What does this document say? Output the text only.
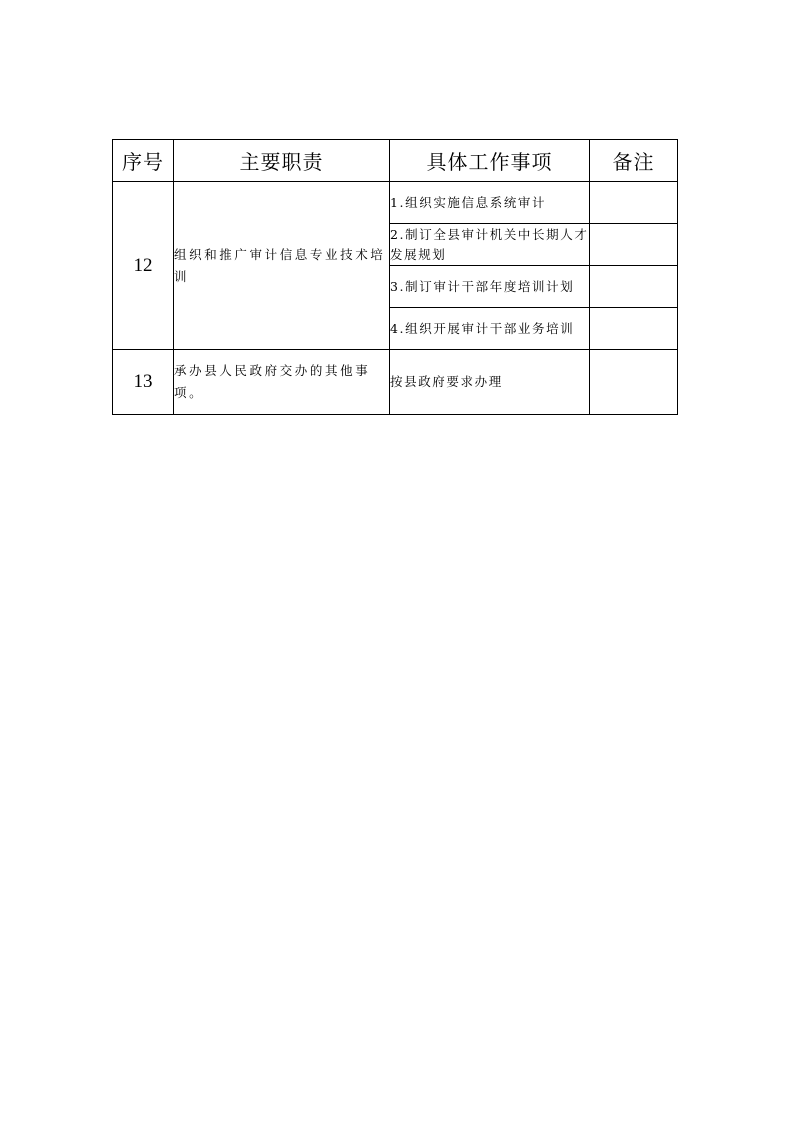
序号	主要职责	具体工作事项	备注
12	组织和推广审计信息专业技术培训	1.组织实施信息系统审计	
		2.制订全县审计机关中长期人才发展规划	
		3.制订审计干部年度培训计划	
		4.组织开展审计干部业务培训	
13	承办县人民政府交办的其他事项。	按县政府要求办理	
